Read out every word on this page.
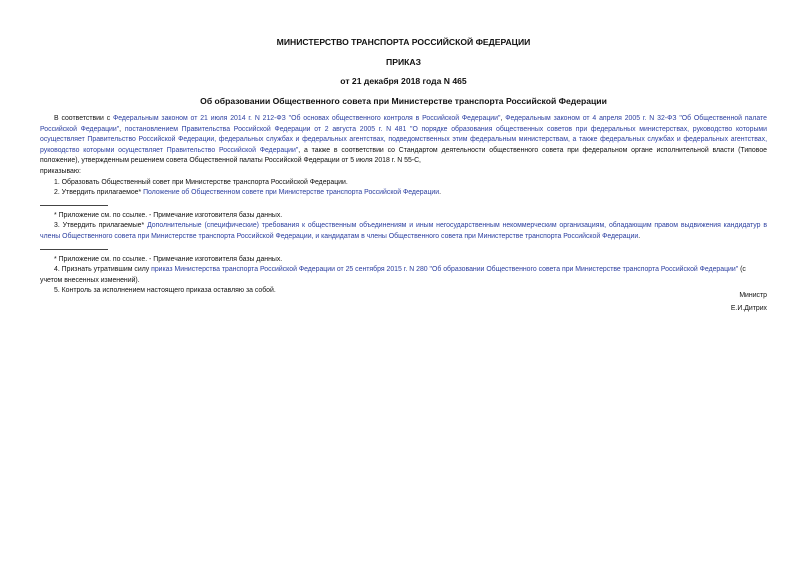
МИНИСТЕРСТВО ТРАНСПОРТА РОССИЙСКОЙ ФЕДЕРАЦИИ
ПРИКАЗ
от 21 декабря 2018 года N 465
Об образовании Общественного совета при Министерстве транспорта Российской Федерации

В соответствии с Федеральным законом от 21 июля 2014 г. N 212-ФЗ "Об основах общественного контроля в Российской Федерации", Федеральным законом от 4 апреля 2005 г. N 32-ФЗ "Об Общественной палате Российской Федерации", постановлением Правительства Российской Федерации от 2 августа 2005 г. N 481 "О порядке образования общественных советов при федеральных министерствах, руководство которыми осуществляет Правительство Российской Федерации, федеральных службах и федеральных агентствах, подведомственных этим федеральным министерствам, а также федеральных службах и федеральных агентствах, руководство которыми осуществляет Правительство Российской Федерации", а также в соответствии со Стандартом деятельности общественного совета при федеральном органе исполнительной власти (Типовое положение), утвержденным решением совета Общественной палаты Российской Федерации от 5 июля 2018 г. N 55-С,

приказываю:

1. Образовать Общественный совет при Министерстве транспорта Российской Федерации.

2. Утвердить прилагаемое* Положение об Общественном совете при Министерстве транспорта Российской Федерации.

* Приложение см. по ссылке. - Примечание изготовителя базы данных.

3. Утвердить прилагаемые* Дополнительные (специфические) требования к общественным объединениям и иным негосударственным некоммерческим организациям, обладающим правом выдвижения кандидатур в члены Общественного совета при Министерстве транспорта Российской Федерации, и кандидатам в члены Общественного совета при Министерстве транспорта Российской Федерации.

* Приложение см. по ссылке. - Примечание изготовителя базы данных.

4. Признать утратившим силу приказ Министерства транспорта Российской Федерации от 25 сентября 2015 г. N 280 "Об образовании Общественного совета при Министерстве транспорта Российской Федерации" (с учетом внесенных изменений).

5. Контроль за исполнением настоящего приказа оставляю за собой.

Министр
Е.И.Дитрих
